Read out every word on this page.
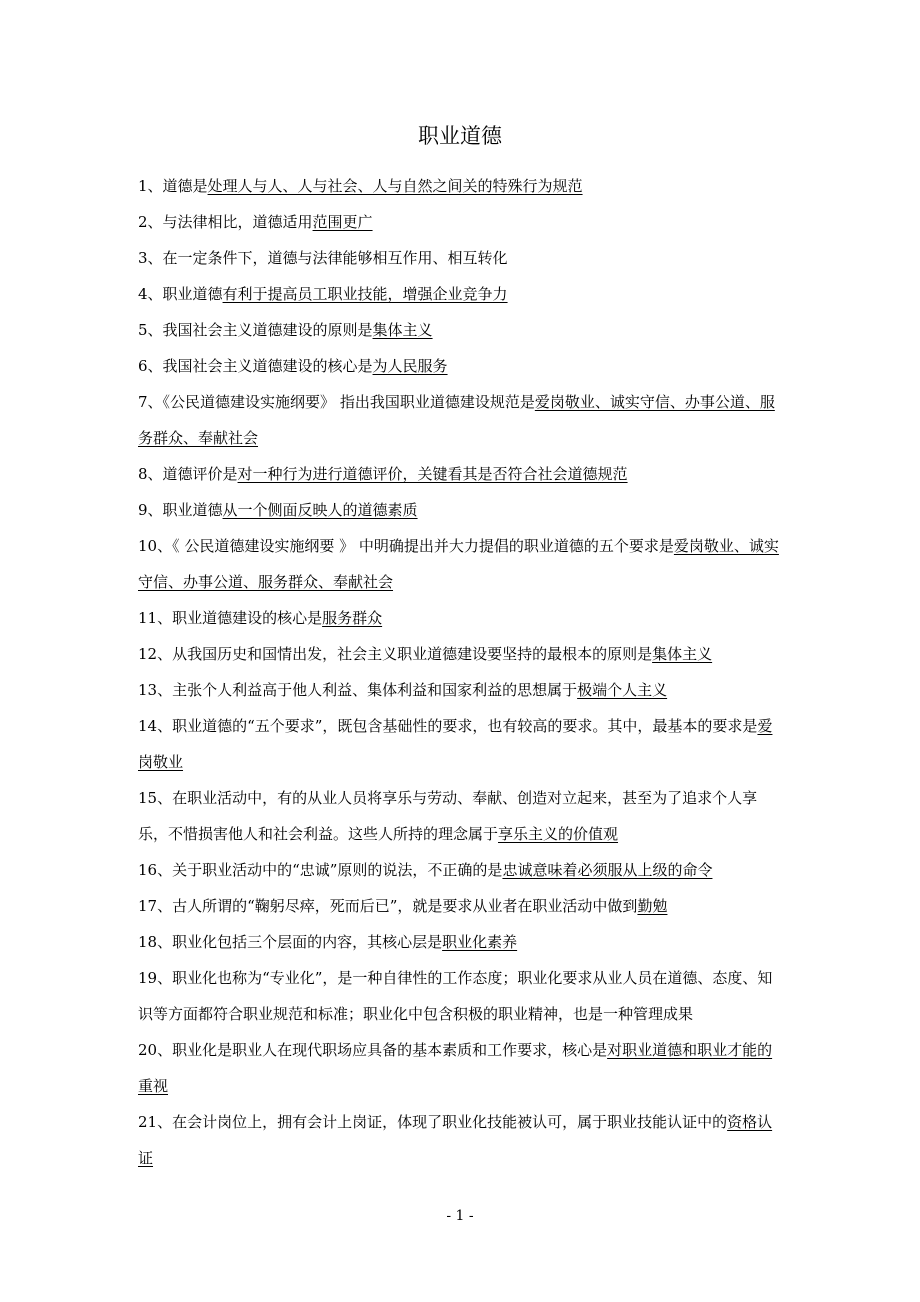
职业道德

1、道德是处理人与人、人与社会、人与自然之间关的特殊行为规范

2、与法律相比，道德适用范围更广

3、在一定条件下，道德与法律能够相互作用、相互转化

4、职业道德有利于提高员工职业技能，增强企业竞争力

5、我国社会主义道德建设的原则是集体主义

6、我国社会主义道德建设的核心是为人民服务

7、《公民道德建设实施纲要》 指出我国职业道德建设规范是爱岗敬业、诚实守信、办事公道、服务群众、奉献社会

8、道德评价是对一种行为进行道德评价，关键看其是否符合社会道德规范

9、职业道德从一个侧面反映人的道德素质

10、《 公民道德建设实施纲要 》 中明确提出并大力提倡的职业道德的五个要求是爱岗敬业、诚实守信、办事公道、服务群众、奉献社会

11、职业道德建设的核心是服务群众

12、从我国历史和国情出发，社会主义职业道德建设要坚持的最根本的原则是集体主义

13、主张个人利益高于他人利益、集体利益和国家利益的思想属于极端个人主义

14、职业道德的“五个要求”，既包含基础性的要求，也有较高的要求。其中，最基本的要求是爱岗敬业

15、在职业活动中，有的从业人员将享乐与劳动、奉献、创造对立起来，甚至为了追求个人享乐，不惜损害他人和社会利益。这些人所持的理念属于享乐主义的价值观

16、关于职业活动中的“忠诚”原则的说法，不正确的是忠诚意味着必须服从上级的命令

17、古人所谓的“鞠躬尽瘁，死而后已”，就是要求从业者在职业活动中做到勤勉

18、职业化包括三个层面的内容，其核心层是职业化素养

19、职业化也称为“专业化”，是一种自律性的工作态度；职业化要求从业人员在道德、态度、知识等方面都符合职业规范和标准；职业化中包含积极的职业精神，也是一种管理成果

20、职业化是职业人在现代职场应具备的基本素质和工作要求，核心是对职业道德和职业才能的重视

21、在会计岗位上，拥有会计上岗证，体现了职业化技能被认可，属于职业技能认证中的资格认证

- 1 -
